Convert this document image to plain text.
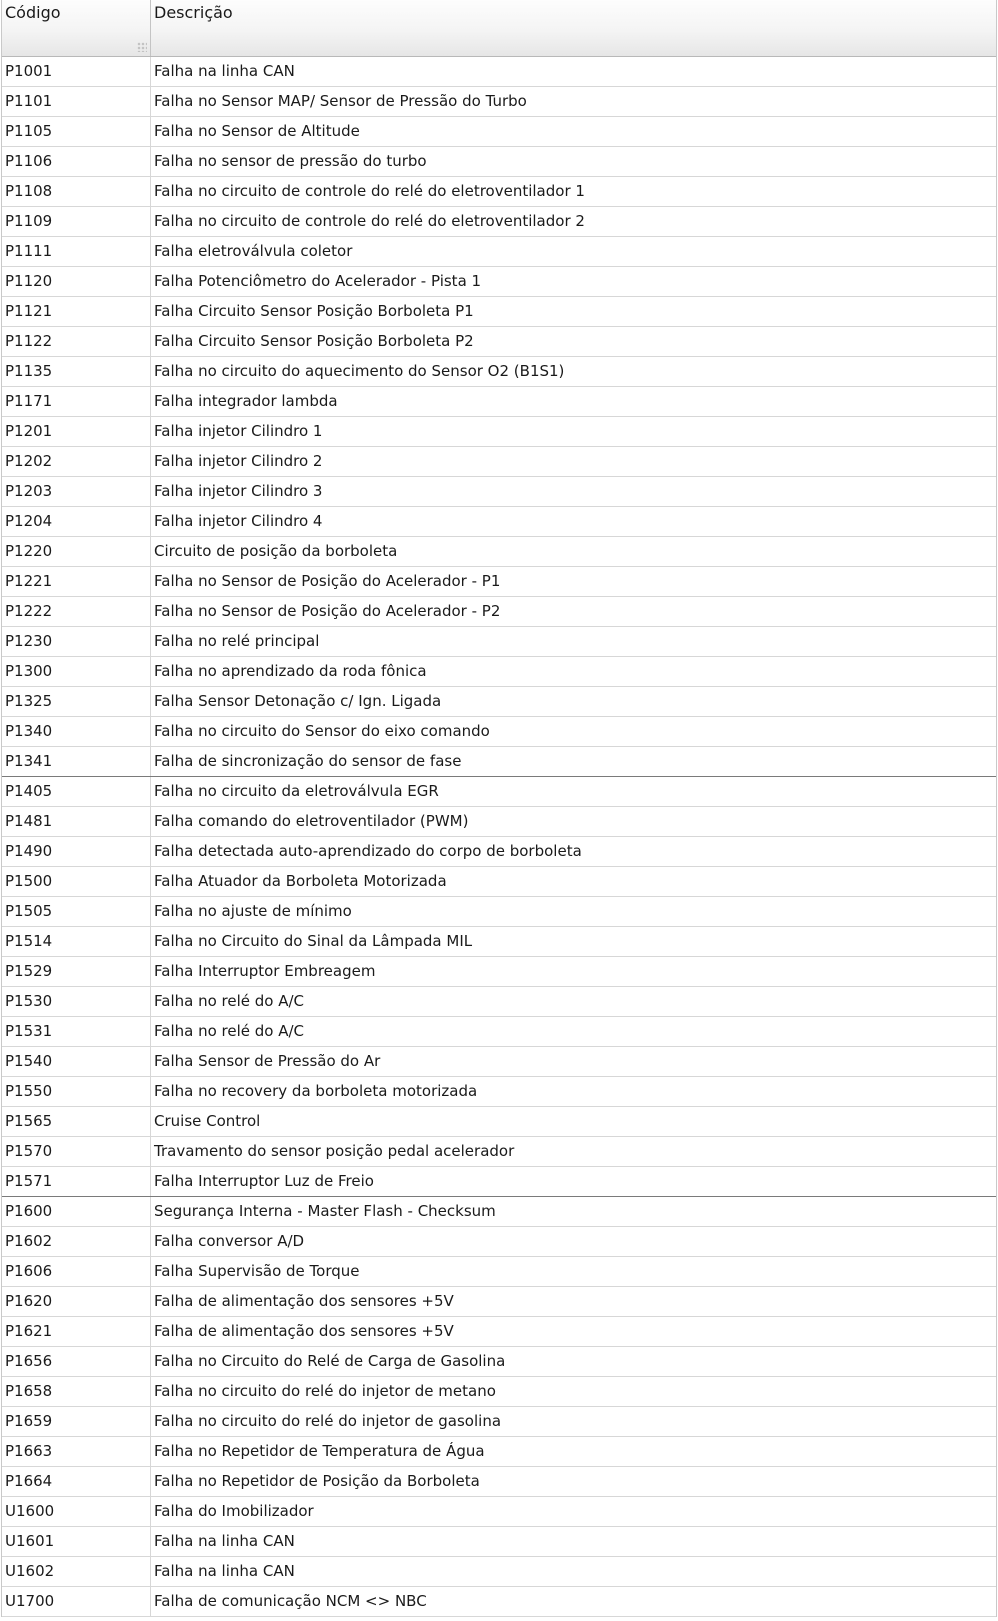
Código	Descrição
P1001	Falha na linha CAN
P1101	Falha no Sensor MAP/ Sensor de Pressão do Turbo
P1105	Falha no Sensor de Altitude
P1106	Falha no sensor de pressão do turbo
P1108	Falha no circuito de controle do relé do eletroventilador 1
P1109	Falha no circuito de controle do relé do eletroventilador 2
P1111	Falha eletroválvula coletor
P1120	Falha Potenciômetro do Acelerador - Pista 1
P1121	Falha Circuito Sensor Posição Borboleta P1
P1122	Falha Circuito Sensor Posição Borboleta P2
P1135	Falha no circuito do aquecimento do Sensor O2 (B1S1)
P1171	Falha integrador lambda
P1201	Falha injetor Cilindro 1
P1202	Falha injetor Cilindro 2
P1203	Falha injetor Cilindro 3
P1204	Falha injetor Cilindro 4
P1220	Circuito de posição da borboleta
P1221	Falha no Sensor de Posição do Acelerador - P1
P1222	Falha no Sensor de Posição do Acelerador - P2
P1230	Falha no relé principal
P1300	Falha no aprendizado da roda fônica
P1325	Falha Sensor Detonação c/ Ign. Ligada
P1340	Falha no circuito do Sensor do eixo comando
P1341	Falha de sincronização do sensor de fase
P1405	Falha no circuito da eletroválvula EGR
P1481	Falha comando do eletroventilador (PWM)
P1490	Falha detectada auto-aprendizado do corpo de borboleta
P1500	Falha Atuador da Borboleta Motorizada
P1505	Falha no ajuste de mínimo
P1514	Falha no Circuito do Sinal da Lâmpada MIL
P1529	Falha Interruptor Embreagem
P1530	Falha no relé do A/C
P1531	Falha no relé do A/C
P1540	Falha Sensor de Pressão do Ar
P1550	Falha no recovery da borboleta motorizada
P1565	Cruise Control
P1570	Travamento do sensor posição pedal acelerador
P1571	Falha Interruptor Luz de Freio
P1600	Segurança Interna - Master Flash - Checksum
P1602	Falha conversor A/D
P1606	Falha Supervisão de Torque
P1620	Falha de alimentação dos sensores +5V
P1621	Falha de alimentação dos sensores +5V
P1656	Falha no Circuito do Relé de Carga de Gasolina
P1658	Falha no circuito do relé do injetor de metano
P1659	Falha no circuito do relé do injetor de gasolina
P1663	Falha no Repetidor de Temperatura de Água
P1664	Falha no Repetidor de Posição da Borboleta
U1600	Falha do Imobilizador
U1601	Falha na linha CAN
U1602	Falha na linha CAN
U1700	Falha de comunicação NCM <> NBC
